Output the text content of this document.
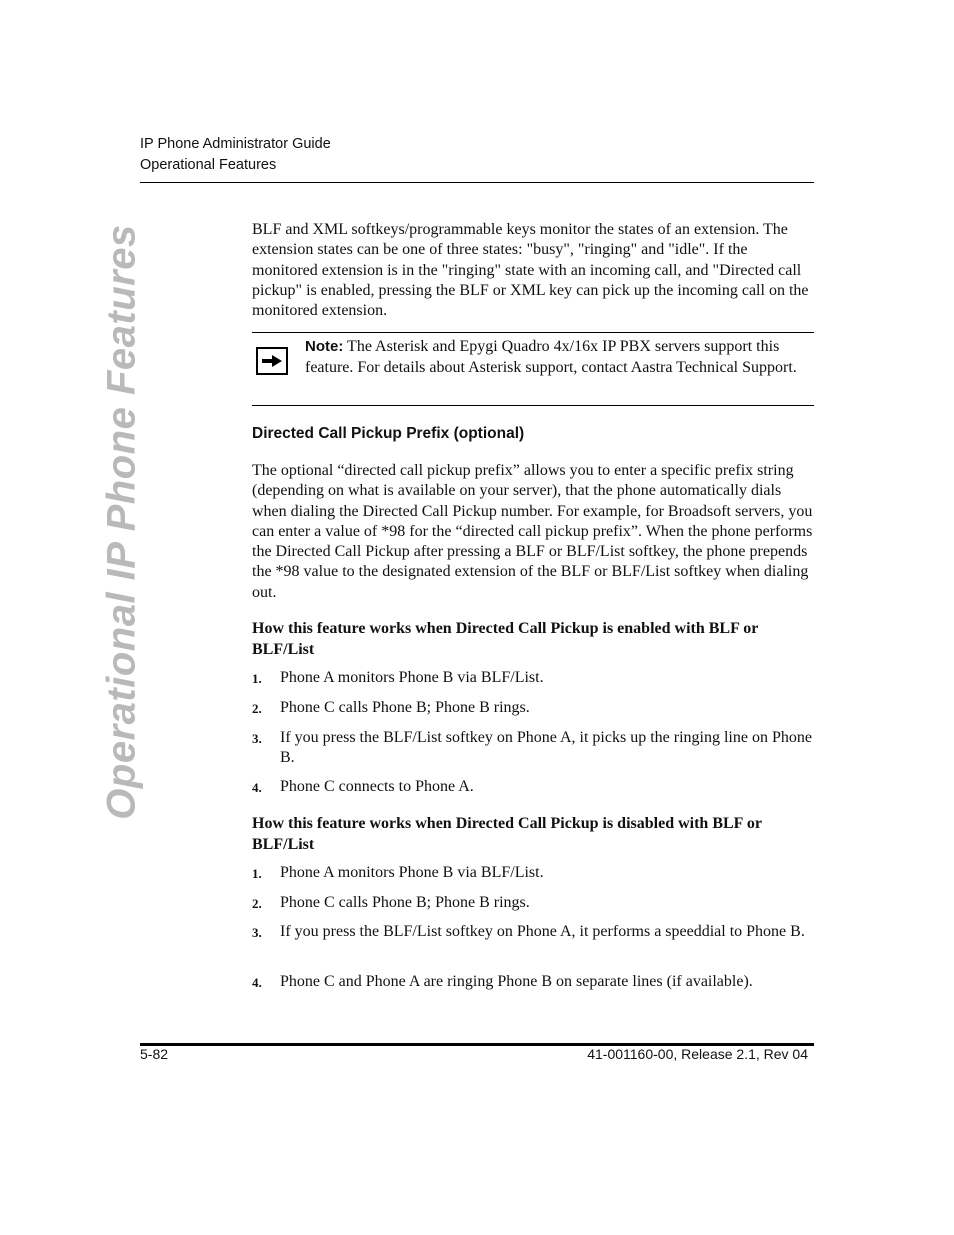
IP Phone Administrator Guide
Operational Features
Operational IP Phone Features	BLF and XML softkeys/programmable keys monitor the states of an extension. The extension states can be one of three states: "busy", "ringing" and "idle". If the monitored extension is in the "ringing" state with an incoming call, and "Directed call pickup" is enabled, pressing the BLF or XML key can pick up the incoming call on the monitored extension.

Note: The Asterisk and Epygi Quadro 4x/16x IP PBX servers support this feature. For details about Asterisk support, contact Aastra Technical Support.
Directed Call Pickup Prefix (optional)

The optional “directed call pickup prefix” allows you to enter a specific prefix string (depending on what is available on your server), that the phone automatically dials when dialing the Directed Call Pickup number. For example, for Broadsoft servers, you can enter a value of *98 for the “directed call pickup prefix”. When the phone performs the Directed Call Pickup after pressing a BLF or BLF/List softkey, the phone prepends the *98 value to the designated extension of the BLF or BLF/List softkey when dialing out.

How this feature works when Directed Call Pickup is enabled with BLF or BLF/List
1.	Phone A monitors Phone B via BLF/List.
2.	Phone C calls Phone B; Phone B rings.
3.	If you press the BLF/List softkey on Phone A, it picks up the ringing line on Phone B.
4.	Phone C connects to Phone A.
How this feature works when Directed Call Pickup is disabled with BLF or BLF/List
1.	Phone A monitors Phone B via BLF/List.
2.	Phone C calls Phone B; Phone B rings.
3.	If you press the BLF/List softkey on Phone A, it performs a speeddial to Phone B.
4.	Phone C and Phone A are ringing Phone B on separate lines (if available).
5-82	41-001160-00, Release 2.1, Rev 04
